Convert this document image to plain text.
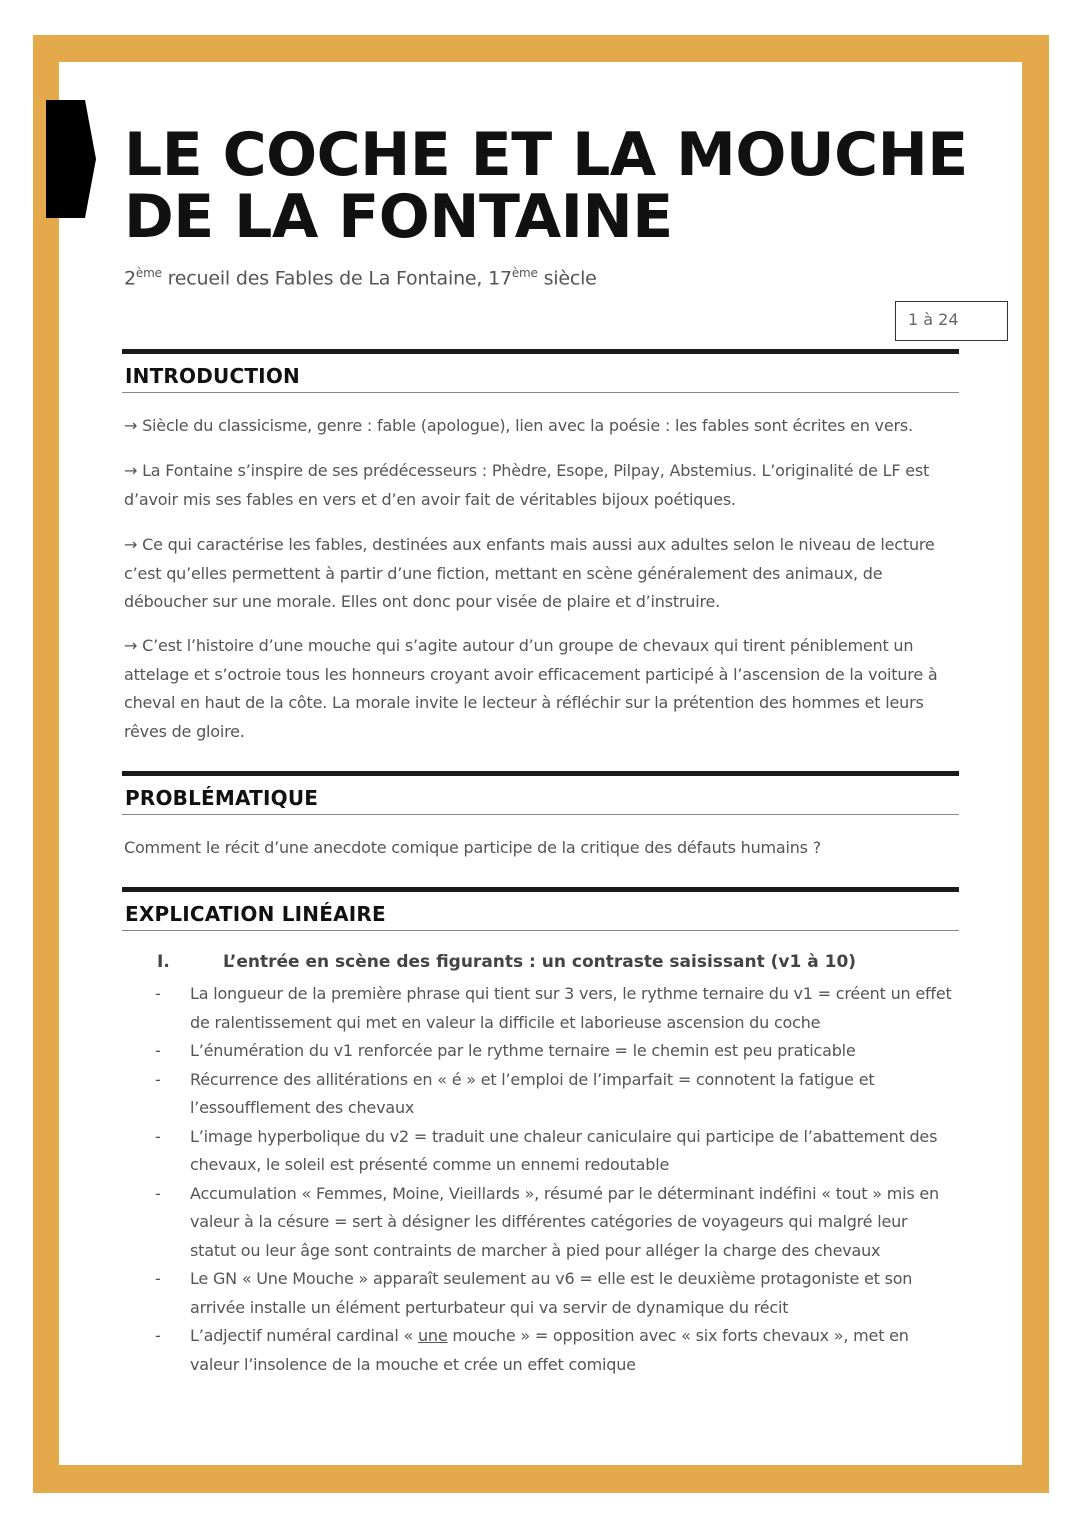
LE COCHE ET LA MOUCHE
DE LA FONTAINE
2ème recueil des Fables de La Fontaine, 17ème siècle
1 à 24
INTRODUCTION

→ Siècle du classicisme, genre : fable (apologue), lien avec la poésie : les fables sont écrites en vers.

→ La Fontaine s’inspire de ses prédécesseurs : Phèdre, Esope, Pilpay, Abstemius. L’originalité de LF est d’avoir mis ses fables en vers et d’en avoir fait de véritables bijoux poétiques.

→ Ce qui caractérise les fables, destinées aux enfants mais aussi aux adultes selon le niveau de lecture c’est qu’elles permettent à partir d’une fiction, mettant en scène généralement des animaux, de déboucher sur une morale. Elles ont donc pour visée de plaire et d’instruire.

→ C’est l’histoire d’une mouche qui s’agite autour d’un groupe de chevaux qui tirent péniblement un attelage et s’octroie tous les honneurs croyant avoir efficacement participé à l’ascension de la voiture à cheval en haut de la côte. La morale invite le lecteur à réfléchir sur la prétention des hommes et leurs rêves de gloire.

PROBLÉMATIQUE

Comment le récit d’une anecdote comique participe de la critique des défauts humains ?

EXPLICATION LINÉAIRE
I.	L’entrée en scène des figurants : un contraste saisissant (v1 à 10)
- La longueur de la première phrase qui tient sur 3 vers, le rythme ternaire du v1 = créent un effet de ralentissement qui met en valeur la difficile et laborieuse ascension du coche
- L’énumération du v1 renforcée par le rythme ternaire = le chemin est peu praticable
- Récurrence des allitérations en « é » et l’emploi de l’imparfait = connotent la fatigue et l’essoufflement des chevaux
- L’image hyperbolique du v2 = traduit une chaleur caniculaire qui participe de l’abattement des chevaux, le soleil est présenté comme un ennemi redoutable
- Accumulation « Femmes, Moine, Vieillards », résumé par le déterminant indéfini « tout » mis en valeur à la césure = sert à désigner les différentes catégories de voyageurs qui malgré leur statut ou leur âge sont contraints de marcher à pied pour alléger la charge des chevaux
- Le GN « Une Mouche » apparaît seulement au v6 = elle est le deuxième protagoniste et son arrivée installe un élément perturbateur qui va servir de dynamique du récit
- L’adjectif numéral cardinal « une mouche » = opposition avec « six forts chevaux », met en valeur l’insolence de la mouche et crée un effet comique
